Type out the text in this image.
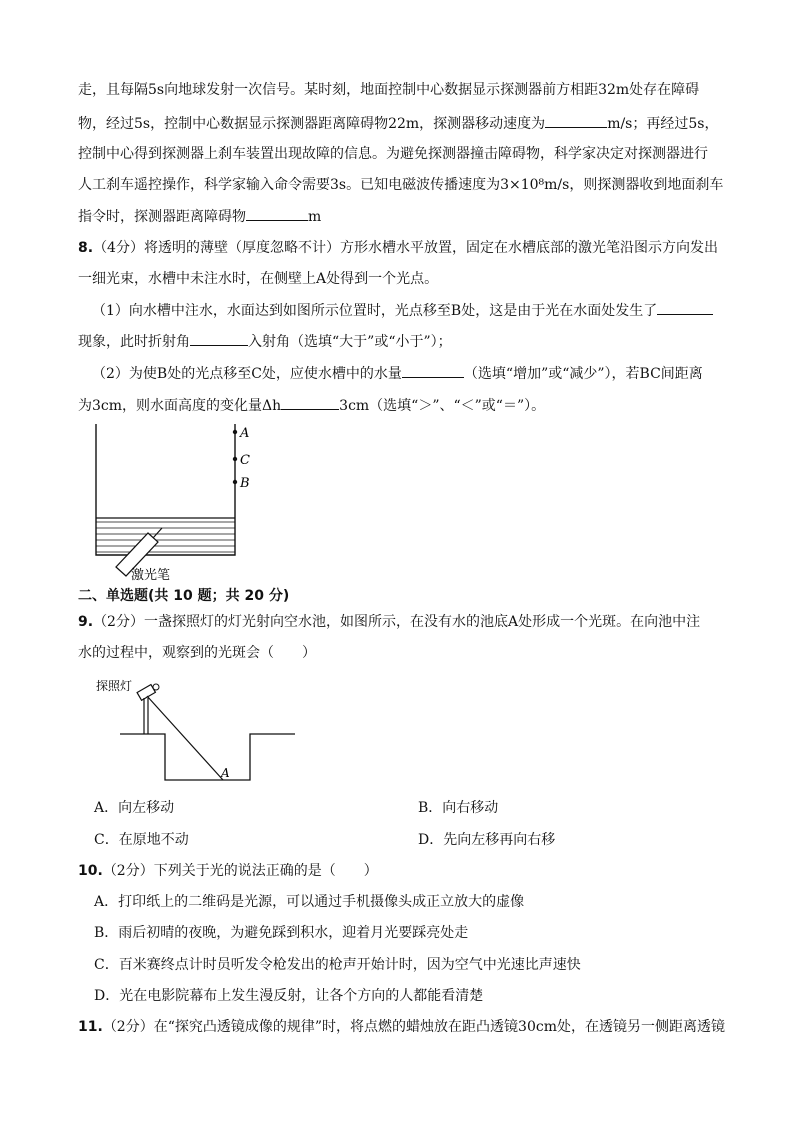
走，且每隔5s向地球发射一次信号。某时刻，地面控制中心数据显示探测器前方相距32m处存在障碍
物，经过5s，控制中心数据显示探测器距离障碍物22m，探测器移动速度为	m/s；再经过5s，
控制中心得到探测器上刹车装置出现故障的信息。为避免探测器撞击障碍物，科学家决定对探测器进行
人工刹车遥控操作，科学家输入命令需要3s。已知电磁波传播速度为3×10⁸m/s，则探测器收到地面刹车
指令时，探测器距离障碍物	m
8.（4分）将透明的薄壁（厚度忽略不计）方形水槽水平放置，固定在水槽底部的激光笔沿图示方向发出
一细光束，水槽中未注水时，在侧壁上A处得到一个光点。
（1）向水槽中注水，水面达到如图所示位置时，光点移至B处，这是由于光在水面处发生了
现象，此时折射角	入射角（选填“大于”或“小于”）；
（2）为使B处的光点移至C处，应使水槽中的水量	（选填“增加”或“减少”），若BC间距离
为3cm，则水面高度的变化量Δh	3cm（选填“＞”、“＜”或“＝”）。
A
C
B
激光笔
二、单选题(共 10 题；共 20 分)
9.（2分）一盏探照灯的灯光射向空水池，如图所示，在没有水的池底A处形成一个光斑。在向池中注
水的过程中，观察到的光斑会（　　）
探照灯
A
A．向左移动	B．向右移动
C．在原地不动	D．先向左移再向右移
10.（2分）下列关于光的说法正确的是（　　）
A．打印纸上的二维码是光源，可以通过手机摄像头成正立放大的虚像
B．雨后初晴的夜晚，为避免踩到积水，迎着月光要踩亮处走
C．百米赛终点计时员听发令枪发出的枪声开始计时，因为空气中光速比声速快
D．光在电影院幕布上发生漫反射，让各个方向的人都能看清楚
11.（2分）在“探究凸透镜成像的规律”时，将点燃的蜡烛放在距凸透镜30cm处，在透镜另一侧距离透镜
